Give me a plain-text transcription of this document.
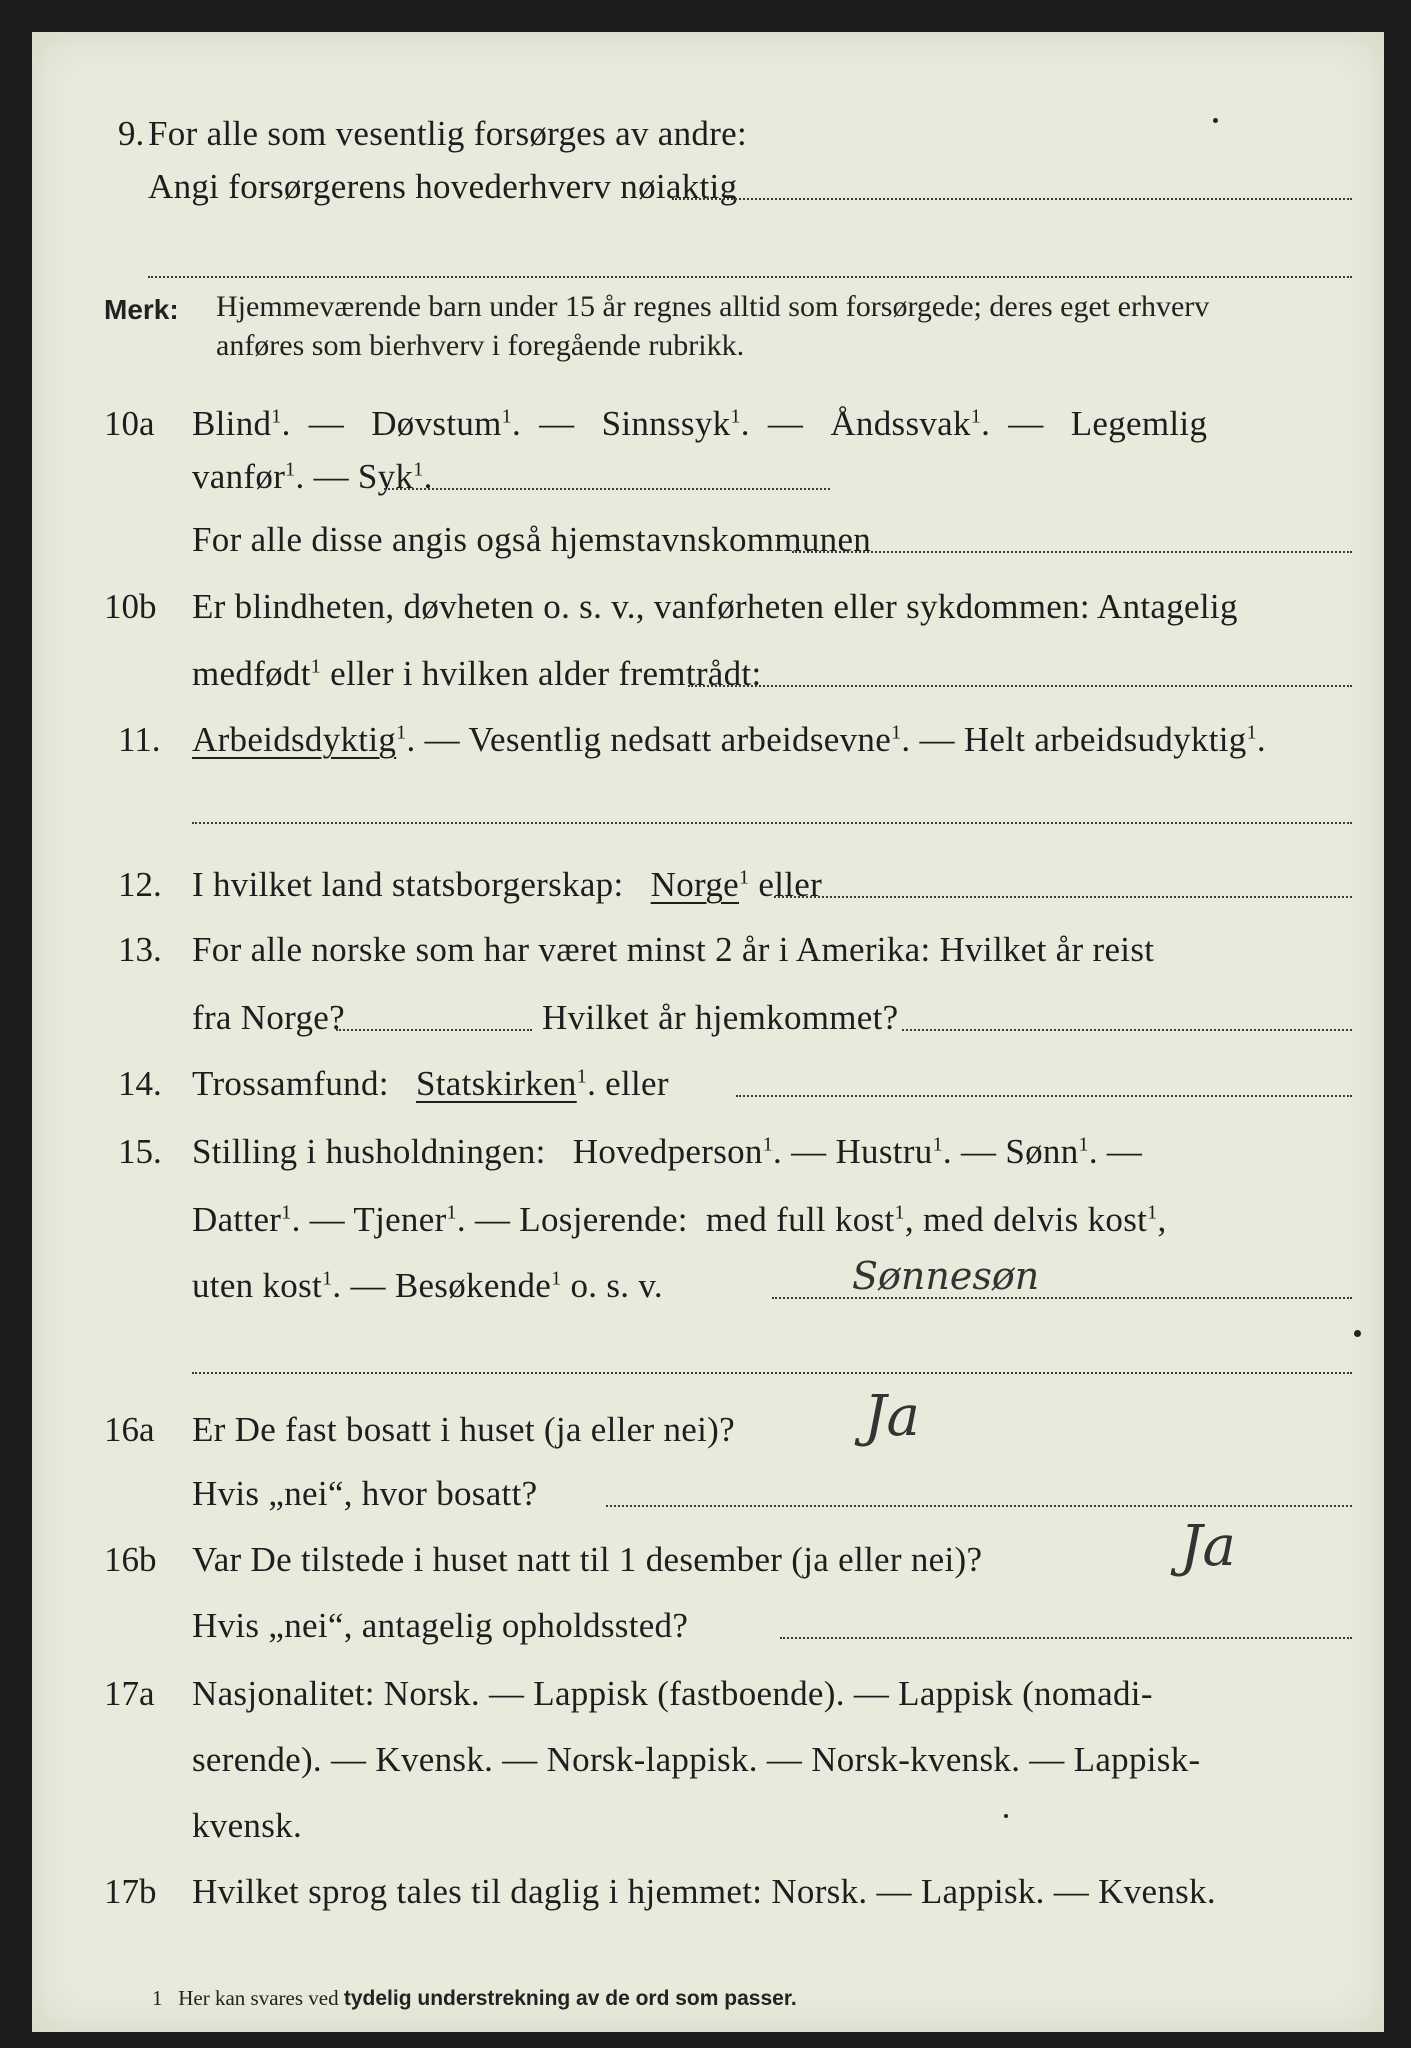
9. For alle som vesentlig forsørges av andre:
Angi forsørgerens hovederhverv nøiaktig
Merk: Hjemmeværende barn under 15 år regnes alltid som forsørgede; deres eget erhverv
anføres som bierhverv i foregående rubrikk.
10a Blind$^1$.  —   Døvstum$^1$.  —   Sinnssyk$^1$.  —   Åndssvak$^1$.  —   Legemlig
vanfør$^1$. — Syk$^1$.
For alle disse angis også hjemstavnskommunen
10b Er blindheten, døvheten o. s. v., vanførheten eller sykdommen: Antagelig
medfødt$^1$ eller i hvilken alder fremtrådt:
11. Arbeidsdyktig$^1$. — Vesentlig nedsatt arbeidsevne$^1$. — Helt arbeidsudyktig$^1$.
12. I hvilket land statsborgerskap: Norge$^1$ eller
13. For alle norske som har været minst 2 år i Amerika: Hvilket år reist
fra Norge?	Hvilket år hjemkommet?
14. Trossamfund: Statskirken$^1$. eller
15. Stilling i husholdningen: Hovedperson$^1$. — Hustru$^1$. — Sønn$^1$. —
Datter$^1$. — Tjener$^1$. — Losjerende: med full kost$^1$, med delvis kost$^1$,
uten kost$^1$. — Besøkende$^1$ o. s. v.	Sønnesøn
16a Er De fast bosatt i huset (ja eller nei)? Ja
Hvis „nei“, hvor bosatt?
16b Var De tilstede i huset natt til 1 desember (ja eller nei)?	Ja
Hvis „nei“, antagelig opholdssted?
17a Nasjonalitet: Norsk. — Lappisk (fastboende). — Lappisk (nomadi-
serende). — Kvensk. — Norsk-lappisk. — Norsk-kvensk. — Lappisk-
kvensk.
17b Hvilket sprog tales til daglig i hjemmet: Norsk. — Lappisk. — Kvensk.
1 Her kan svares ved tydelig understrekning av de ord som passer.
